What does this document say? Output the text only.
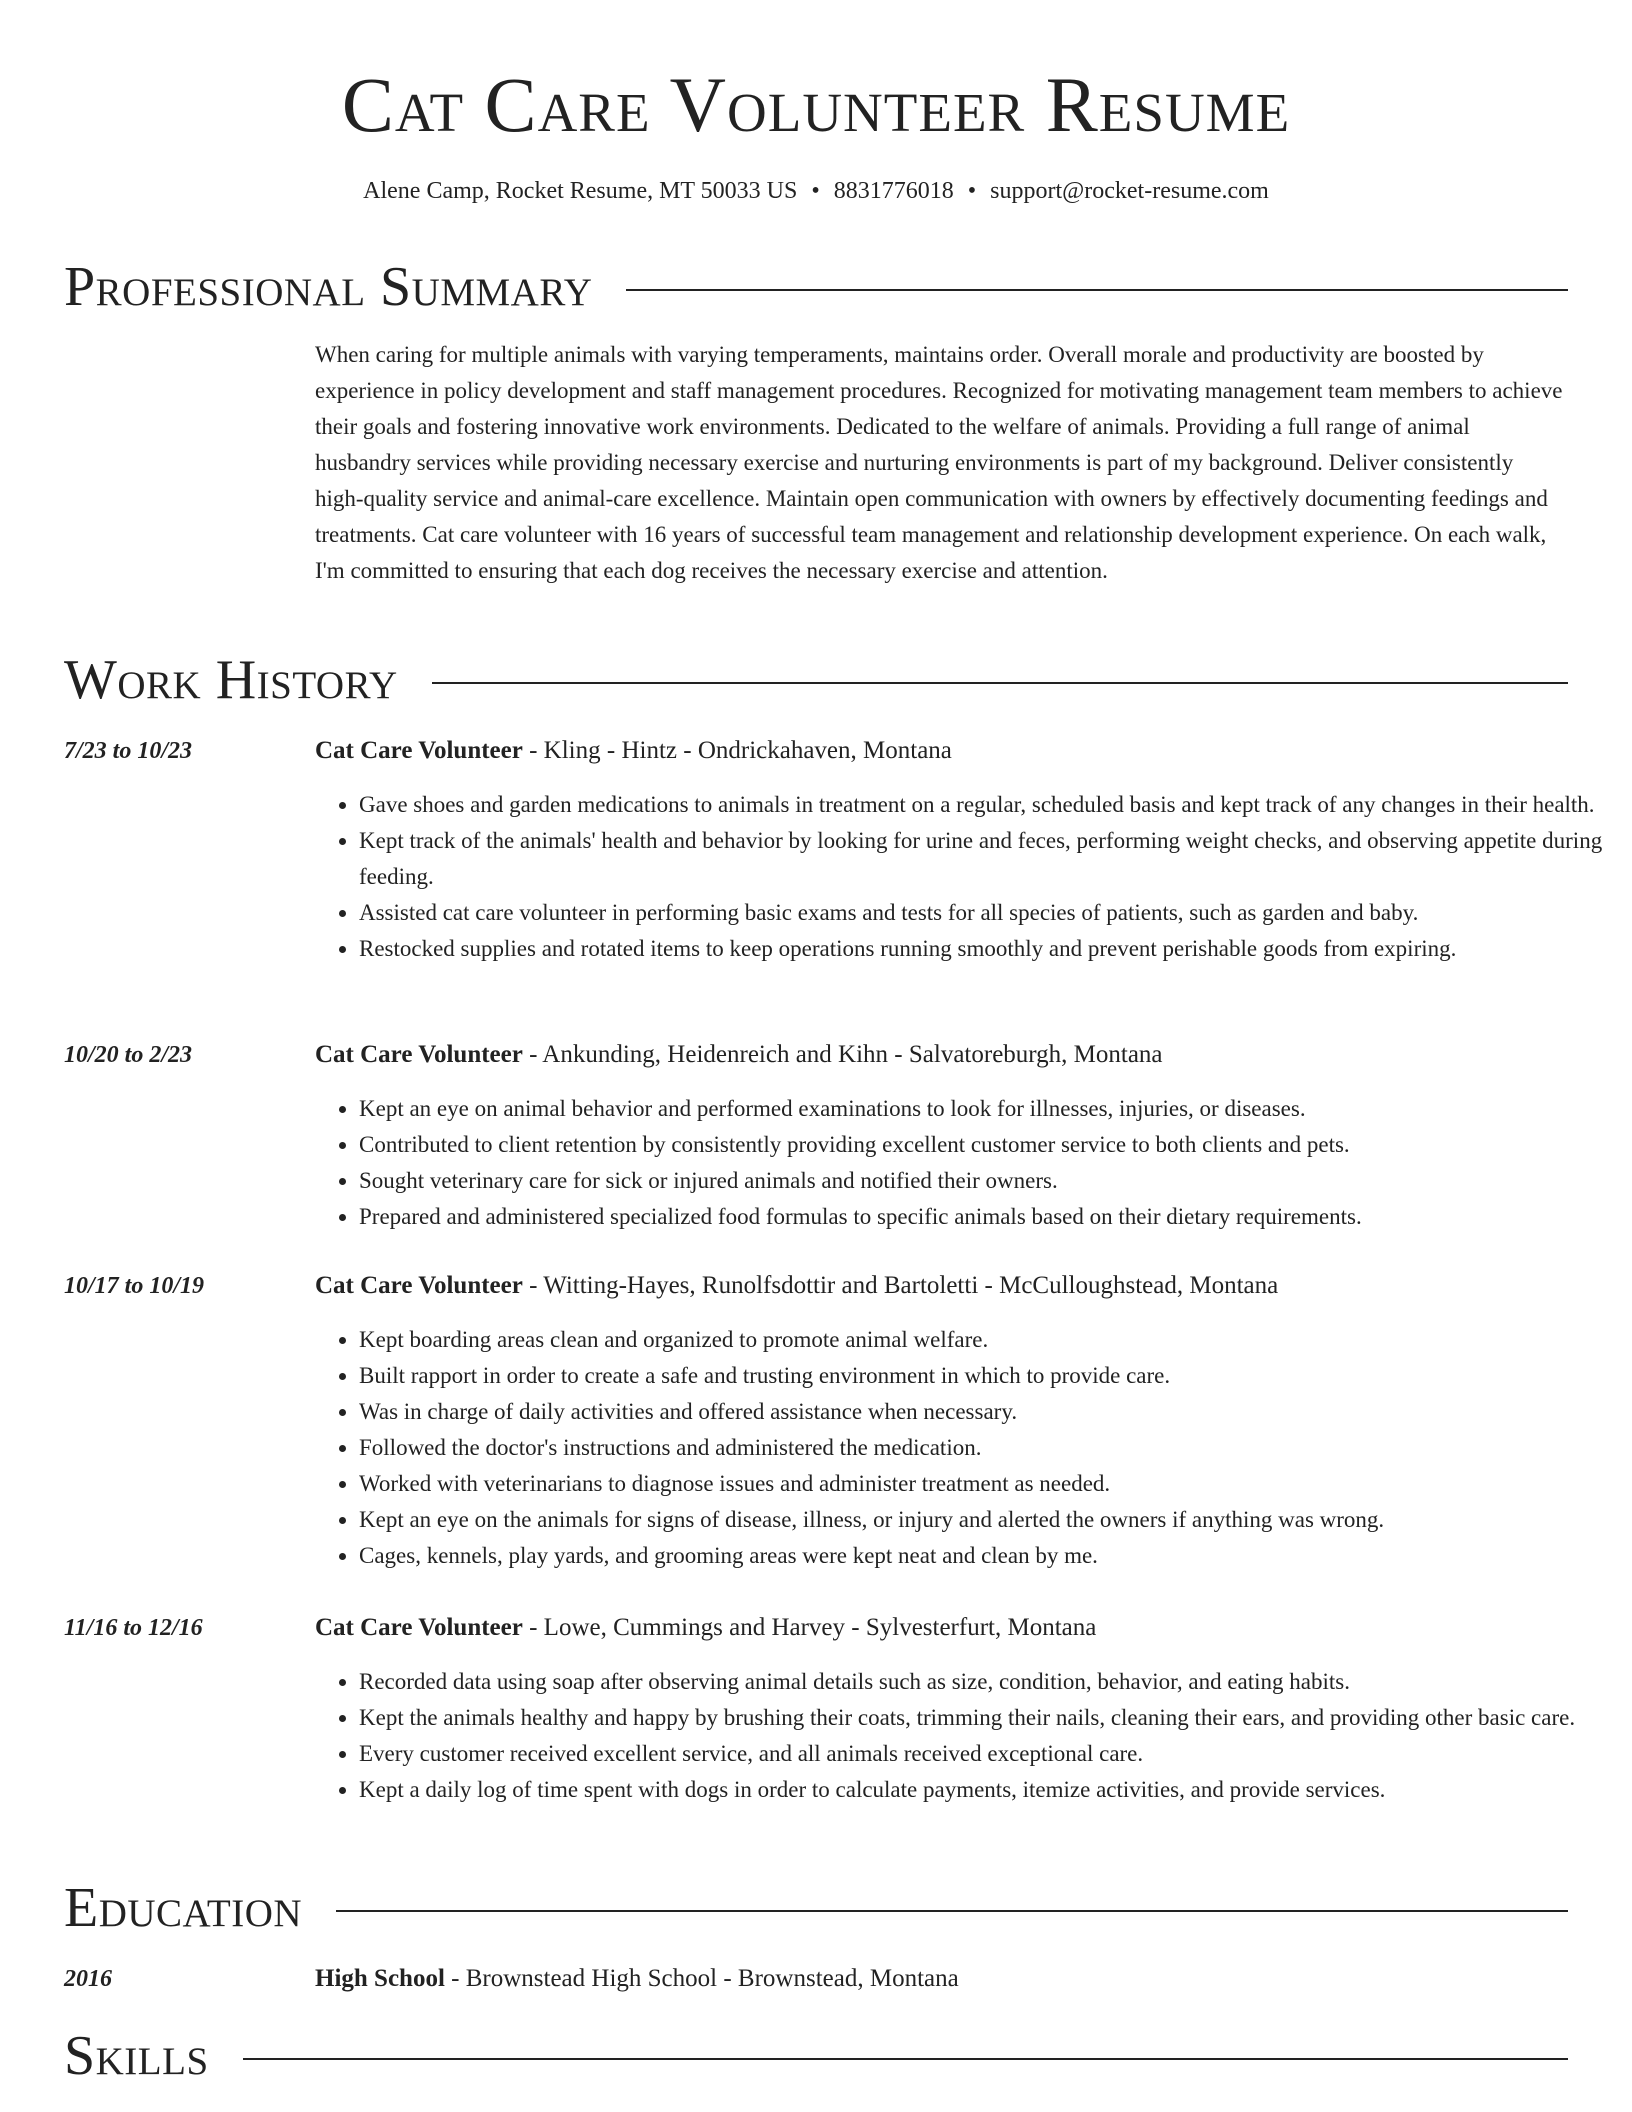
Cat Care Volunteer Resume
Alene Camp, Rocket Resume, MT 50033 US • 8831776018 • support@rocket-resume.com
Professional Summary

When caring for multiple animals with varying temperaments, maintains order. Overall morale and productivity are boosted by experience in policy development and staff management procedures. Recognized for motivating management team members to achieve their goals and fostering innovative work environments. Dedicated to the welfare of animals. Providing a full range of animal husbandry services while providing necessary exercise and nurturing environments is part of my background. Deliver consistently high-quality service and animal-care excellence. Maintain open communication with owners by effectively documenting feedings and treatments. Cat care volunteer with 16 years of successful team management and relationship development experience. On each walk, I'm committed to ensuring that each dog receives the necessary exercise and attention.

Work History
7/23 to 10/23	Cat Care Volunteer - Kling - Hintz - Ondrickahaven, Montana
• Gave shoes and garden medications to animals in treatment on a regular, scheduled basis and kept track of any changes in their health.
• Kept track of the animals' health and behavior by looking for urine and feces, performing weight checks, and observing appetite during feeding.
• Assisted cat care volunteer in performing basic exams and tests for all species of patients, such as garden and baby.
• Restocked supplies and rotated items to keep operations running smoothly and prevent perishable goods from expiring.
10/20 to 2/23	Cat Care Volunteer - Ankunding, Heidenreich and Kihn - Salvatoreburgh, Montana
• Kept an eye on animal behavior and performed examinations to look for illnesses, injuries, or diseases.
• Contributed to client retention by consistently providing excellent customer service to both clients and pets.
• Sought veterinary care for sick or injured animals and notified their owners.
• Prepared and administered specialized food formulas to specific animals based on their dietary requirements.
10/17 to 10/19	Cat Care Volunteer - Witting-Hayes, Runolfsdottir and Bartoletti - McCulloughstead, Montana
• Kept boarding areas clean and organized to promote animal welfare.
• Built rapport in order to create a safe and trusting environment in which to provide care.
• Was in charge of daily activities and offered assistance when necessary.
• Followed the doctor's instructions and administered the medication.
• Worked with veterinarians to diagnose issues and administer treatment as needed.
• Kept an eye on the animals for signs of disease, illness, or injury and alerted the owners if anything was wrong.
• Cages, kennels, play yards, and grooming areas were kept neat and clean by me.
11/16 to 12/16	Cat Care Volunteer - Lowe, Cummings and Harvey - Sylvesterfurt, Montana
• Recorded data using soap after observing animal details such as size, condition, behavior, and eating habits.
• Kept the animals healthy and happy by brushing their coats, trimming their nails, cleaning their ears, and providing other basic care.
• Every customer received excellent service, and all animals received exceptional care.
• Kept a daily log of time spent with dogs in order to calculate payments, itemize activities, and provide services.
Education
2016	High School - Brownstead High School - Brownstead, Montana
Skills
